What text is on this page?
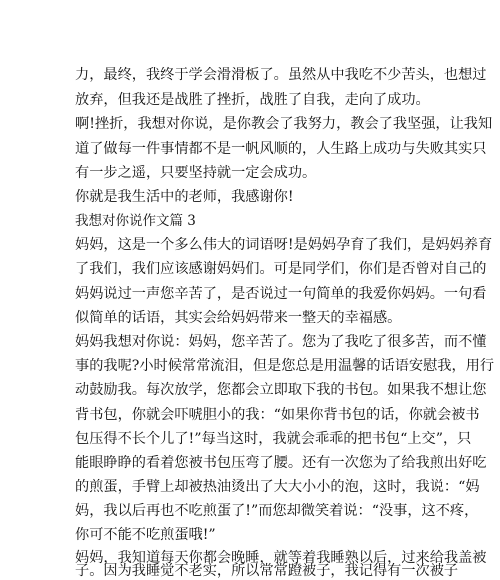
力，最终，我终于学会滑滑板了。虽然从中我吃不少苦头，也想过
放弃，但我还是战胜了挫折，战胜了自我，走向了成功。
啊!挫折，我想对你说，是你教会了我努力，教会了我坚强，让我知
道了做每一件事情都不是一帆风顺的，人生路上成功与失败其实只
有一步之遥，只要坚持就一定会成功。
你就是我生活中的老师，我感谢你!
我想对你说作文篇 3
妈妈，这是一个多么伟大的词语呀!是妈妈孕育了我们，是妈妈养育
了我们，我们应该感谢妈妈们。可是同学们，你们是否曾对自己的
妈妈说过一声您辛苦了，是否说过一句简单的我爱你妈妈。一句看
似简单的话语，其实会给妈妈带来一整天的幸福感。
妈妈我想对你说：妈妈，您辛苦了。您为了我吃了很多苦，而不懂
事的我呢?小时候常常流泪，但是您总是用温馨的话语安慰我，用行
动鼓励我。每次放学，您都会立即取下我的书包。如果我不想让您
背书包，你就会吓唬胆小的我：“如果你背书包的话，你就会被书
包压得不长个儿了!”每当这时，我就会乖乖的把书包“上交”，只
能眼睁睁的看着您被书包压弯了腰。还有一次您为了给我煎出好吃
的煎蛋，手臂上却被热油烫出了大大小小的泡，这时，我说：“妈
妈，我以后再也不吃煎蛋了!”而您却微笑着说：“没事，这不疼，
你可不能不吃煎蛋哦!”
妈妈，我知道每天你都会晚睡，就等着我睡熟以后，过来给我盖被
子。因为我睡觉不老实，所以常常蹬被子，我记得有一次被子
